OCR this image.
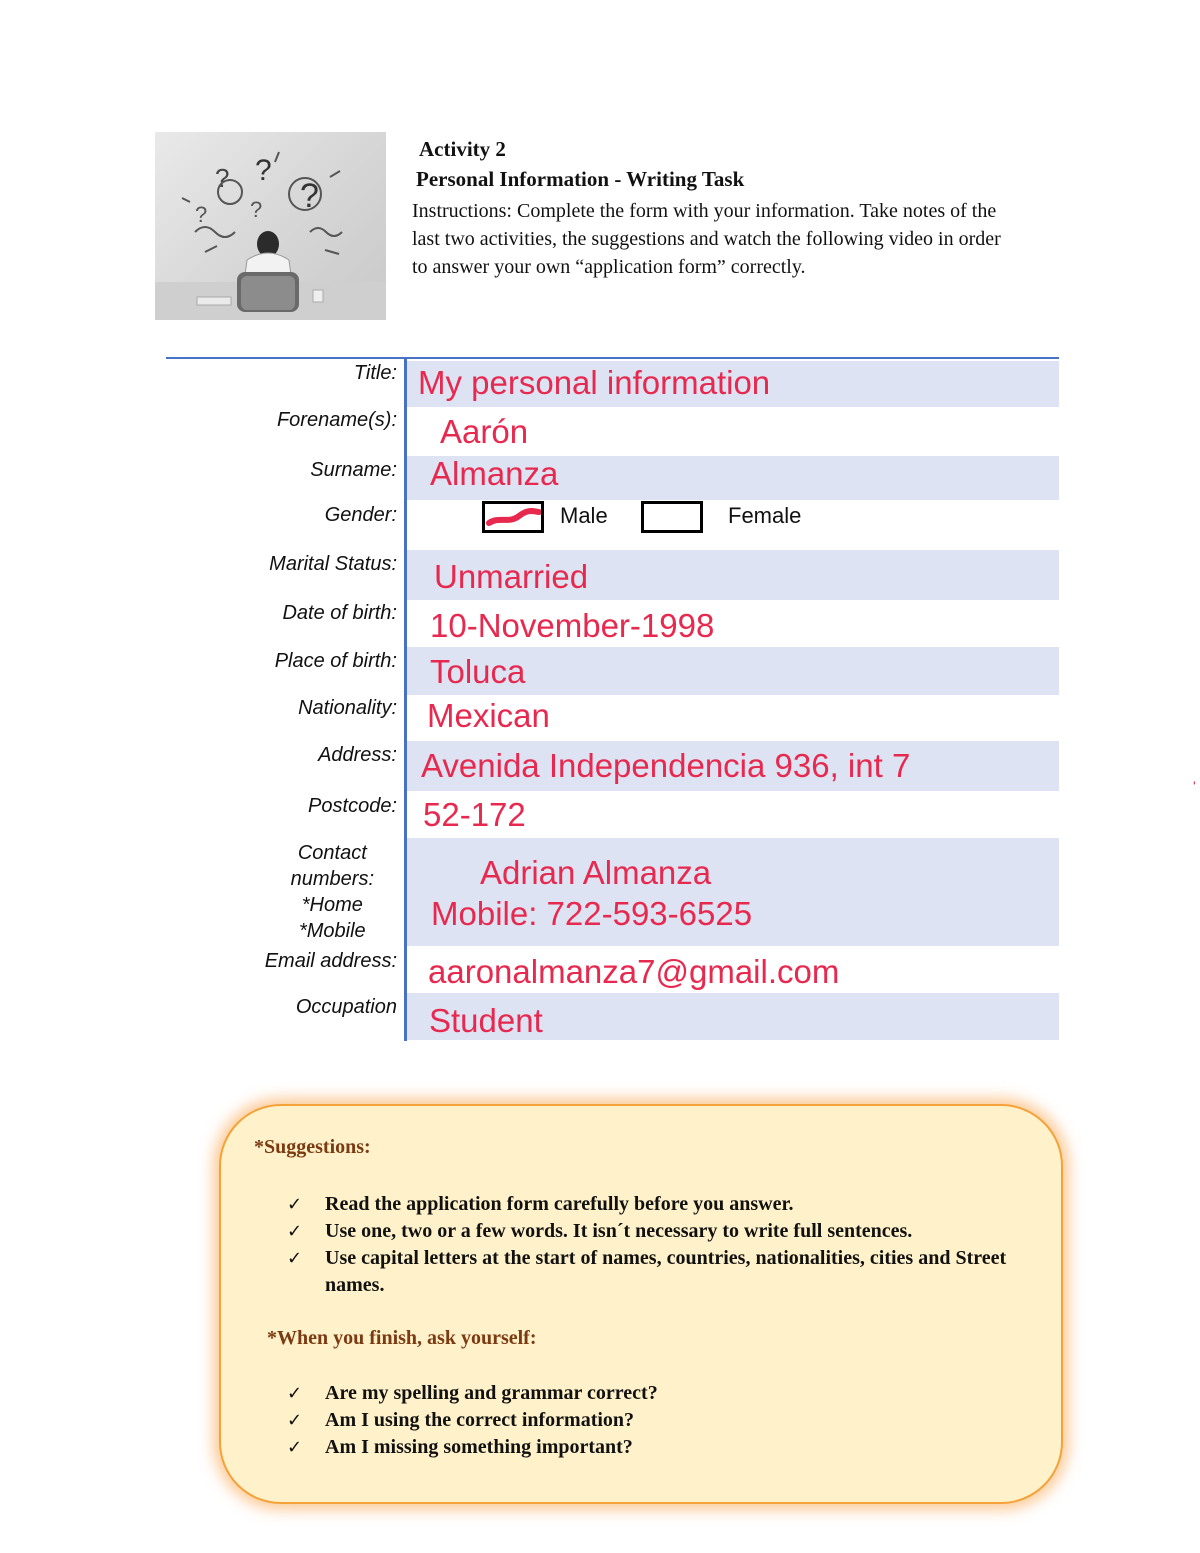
? ?
?
? ?
Activity 2
Personal Information - Writing Task
Instructions: Complete the form with your information. Take notes of the last two activities, the suggestions and watch the following video in order to answer your own “application form” correctly.
Title:
Forename(s):
Surname:
Gender:
Marital Status:
Date of birth:
Place of birth:
Nationality:
Address:
Postcode:
Contact
numbers:
*Home
*Mobile
Email address:
Occupation
My personal information
Aarón
Almanza
Unmarried
10-November-1998
Toluca
Mexican
Avenida Independencia 936, int 7
52-172
Adrian Almanza
Mobile: 722-593-6525
aaronalmanza7@gmail.com
Student
Male	Female
'
*Suggestions:
✓ Read the application form carefully before you answer.
✓ Use one, two or a few words. It isn´t necessary to write full sentences.
✓ Use capital letters at the start of names, countries, nationalities, cities and Street names.
*When you finish, ask yourself:
✓ Are my spelling and grammar correct?
✓ Am I using the correct information?
✓ Am I missing something important?
